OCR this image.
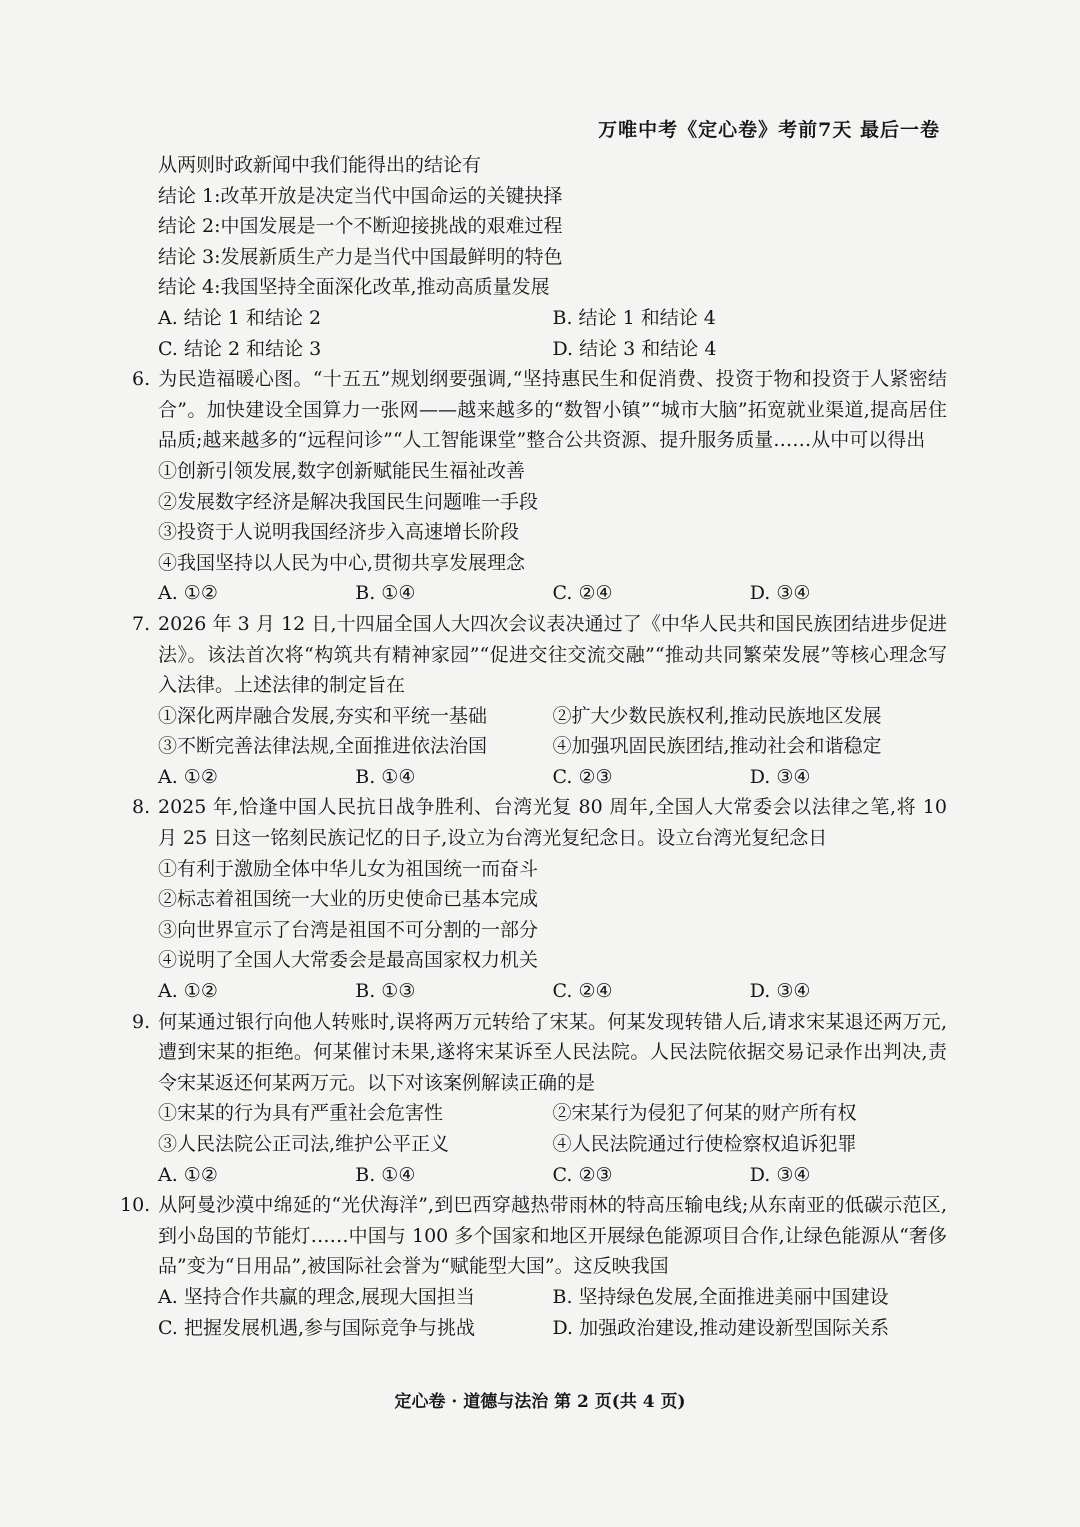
万唯中考《定心卷》考前7天 最后一卷
从两则时政新闻中我们能得出的结论有
结论 1:改革开放是决定当代中国命运的关键抉择
结论 2:中国发展是一个不断迎接挑战的艰难过程
结论 3:发展新质生产力是当代中国最鲜明的特色
结论 4:我国坚持全面深化改革,推动高质量发展
A. 结论 1 和结论 2	B. 结论 1 和结论 4
C. 结论 2 和结论 3	D. 结论 3 和结论 4
6. 为民造福暖心图。“十五五”规划纲要强调,“坚持惠民生和促消费、投资于物和投资于人紧密结合”。加快建设全国算力一张网——越来越多的“数智小镇”“城市大脑”拓宽就业渠道,提高居住品质;越来越多的“远程问诊”“人工智能课堂”整合公共资源、提升服务质量……从中可以得出
①创新引领发展,数字创新赋能民生福祉改善
②发展数字经济是解决我国民生问题唯一手段
③投资于人说明我国经济步入高速增长阶段
④我国坚持以人民为中心,贯彻共享发展理念
A. ①②	B. ①④	C. ②④	D. ③④
7. 2026 年 3 月 12 日,十四届全国人大四次会议表决通过了《中华人民共和国民族团结进步促进法》。该法首次将“构筑共有精神家园”“促进交往交流交融”“推动共同繁荣发展”等核心理念写入法律。上述法律的制定旨在
①深化两岸融合发展,夯实和平统一基础	②扩大少数民族权利,推动民族地区发展
③不断完善法律法规,全面推进依法治国	④加强巩固民族团结,推动社会和谐稳定
A. ①②	B. ①④	C. ②③	D. ③④
8. 2025 年,恰逢中国人民抗日战争胜利、台湾光复 80 周年,全国人大常委会以法律之笔,将 10 月 25 日这一铭刻民族记忆的日子,设立为台湾光复纪念日。设立台湾光复纪念日
①有利于激励全体中华儿女为祖国统一而奋斗
②标志着祖国统一大业的历史使命已基本完成
③向世界宣示了台湾是祖国不可分割的一部分
④说明了全国人大常委会是最高国家权力机关
A. ①②	B. ①③	C. ②④	D. ③④
9. 何某通过银行向他人转账时,误将两万元转给了宋某。何某发现转错人后,请求宋某退还两万元,遭到宋某的拒绝。何某催讨未果,遂将宋某诉至人民法院。人民法院依据交易记录作出判决,责令宋某返还何某两万元。以下对该案例解读正确的是
①宋某的行为具有严重社会危害性	②宋某行为侵犯了何某的财产所有权
③人民法院公正司法,维护公平正义	④人民法院通过行使检察权追诉犯罪
A. ①②	B. ①④	C. ②③	D. ③④
10. 从阿曼沙漠中绵延的“光伏海洋”,到巴西穿越热带雨林的特高压输电线;从东南亚的低碳示范区,到小岛国的节能灯……中国与 100 多个国家和地区开展绿色能源项目合作,让绿色能源从“奢侈品”变为“日用品”,被国际社会誉为“赋能型大国”。这反映我国
A. 坚持合作共赢的理念,展现大国担当	B. 坚持绿色发展,全面推进美丽中国建设
C. 把握发展机遇,参与国际竞争与挑战	D. 加强政治建设,推动建设新型国际关系
定心卷 · 道德与法治 第 2 页(共 4 页)
